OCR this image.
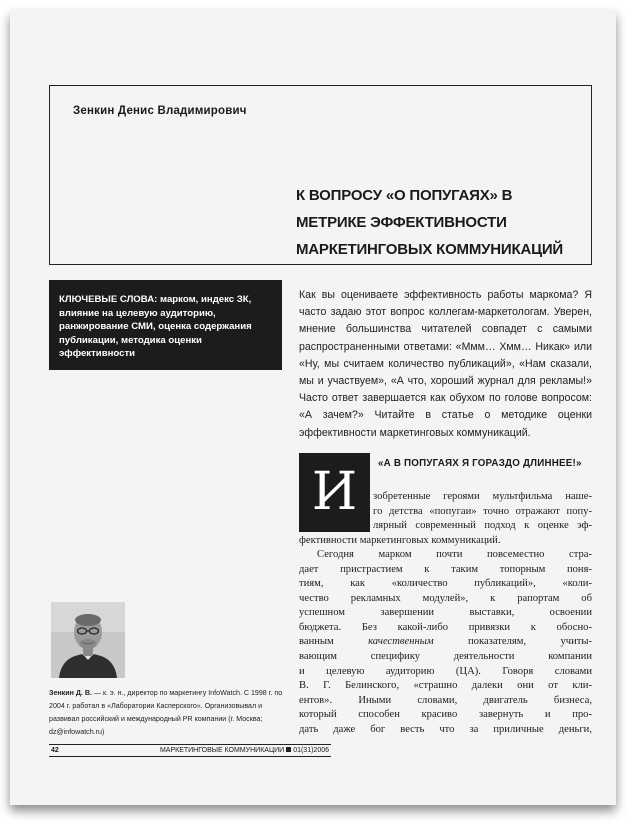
Зенкин Денис Владимирович
К ВОПРОСУ «О ПОПУГАЯХ» В МЕТРИКЕ ЭФФЕКТИВНОСТИ МАРКЕТИНГОВЫХ КОММУНИКАЦИЙ
КЛЮЧЕВЫЕ СЛОВА: марком, индекс ЗК, влияние на целевую аудиторию, ранжирование СМИ, оценка содержания публикации, методика оценки эффективности
Как вы оцениваете эффективность работы маркома? Я часто задаю этот вопрос коллегам-маркетологам. Уверен, мнение большинства читателей совпадет с самыми распространенными ответами: «Ммм… Хмм… Никак» или «Ну, мы считаем количество публикаций», «Нам сказали, мы и участвуем», «А что, хороший журнал для рекламы!» Часто ответ завершается как обухом по голове вопросом: «А зачем?» Читайте в статье о методике оценки эффективности маркетинговых коммуникаций.
И	«А В ПОПУГАЯХ Я ГОРАЗДО ДЛИННЕЕ!»
зобретенные героями мультфильма наше-
го детства «попугаи» точно отражают попу-
лярный современный подход к оценке эф-
фективности маркетинговых коммуникаций.
Сегодня марком почти повсеместно стра-
дает пристрастием к таким топорным поня-
тиям, как «количество публикаций», «коли-
чество рекламных модулей», к рапортам об
успешном завершении выставки, освоении
бюджета. Без какой-либо привязки к обосно-
ванным	качественным	показателям, учиты-
вающим специфику деятельности компании
и целевую аудиторию (ЦА). Говоря словами
В. Г. Белинского, «страшно далеки они от кли-
ентов». Иными словами, двигатель бизнеса,
который способен красиво завернуть и про-
дать даже бог весть что за приличные деньги,
Зенкин Д. В. — к. э. н., директор по маркетингу InfoWatch. С 1998 г. по 2004 г. работал в «Лаборатории Касперского». Организовывал и развивал российский и международный PR компании (г. Москва; dz@infowatch.ru)
42	МАРКЕТИНГОВЫЕ КОММУНИКАЦИИ 01(31)2006
